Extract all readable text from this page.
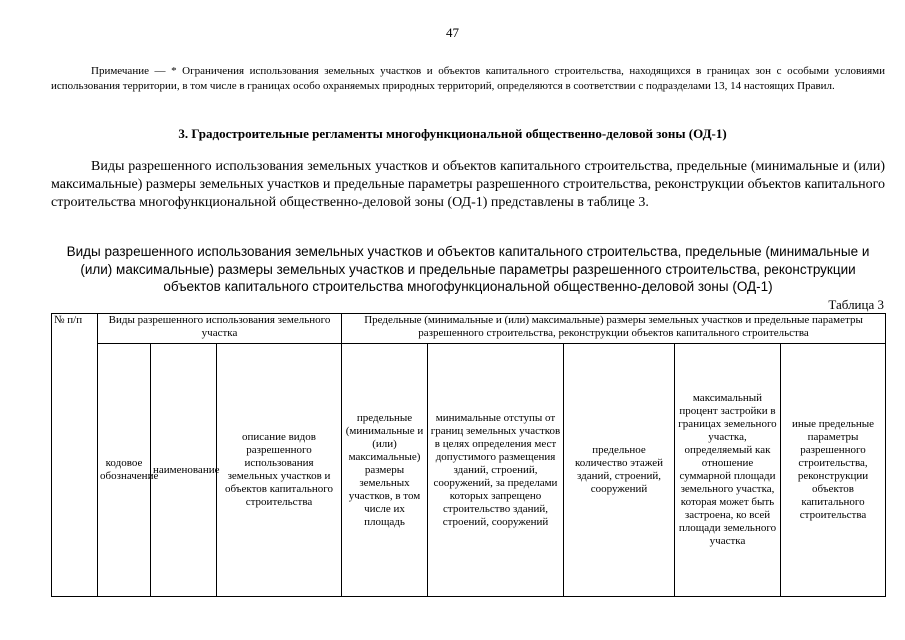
47

Примечание — * Ограничения использования земельных участков и объектов капитального строительства, находящихся в границах зон с особыми условиями использования территории, в том числе в границах особо охраняемых природных территорий, определяются в соответствии с подразделами 13, 14 настоящих Правил.

3. Градостроительные регламенты многофункциональной общественно-деловой зоны (ОД-1)

Виды разрешенного использования земельных участков и объектов капитального строительства, предельные (минимальные и (или) максимальные) размеры земельных участков и предельные параметры разрешенного строительства, реконструкции объектов капитального строительства многофункциональной общественно-деловой зоны (ОД-1) представлены в таблице 3.

Виды разрешенного использования земельных участков и объектов капитального строительства, предельные (минимальные и (или) максимальные) размеры земельных участков и предельные параметры разрешенного строительства, реконструкции объектов капитального строительства многофункциональной общественно-деловой зоны (ОД-1)

Таблица 3
№ п/п	Виды разрешенного использования земельного участка			Предельные (минимальные и (или) максимальные) размеры земельных участков и предельные параметры разрешенного строительства, реконструкции объектов капитального строительства				
	кодовое обозначение	наименование	описание видов разрешенного использования земельных участков и объектов капитального строительства	предельные (минимальные и (или) максимальные) размеры земельных участков, в том числе их площадь	минимальные отступы от границ земельных участков в целях определения мест допустимого размещения зданий, строений, сооружений, за пределами которых запрещено строительство зданий, строений, сооружений	предельное количество этажей зданий, строений, сооружений	максимальный процент застройки в границах земельного участка, определяемый как отношение суммарной площади земельного участка, которая может быть застроена, ко всей площади земельного участка	иные предельные параметры разрешенного строительства, реконструкции объектов капитального строительства
